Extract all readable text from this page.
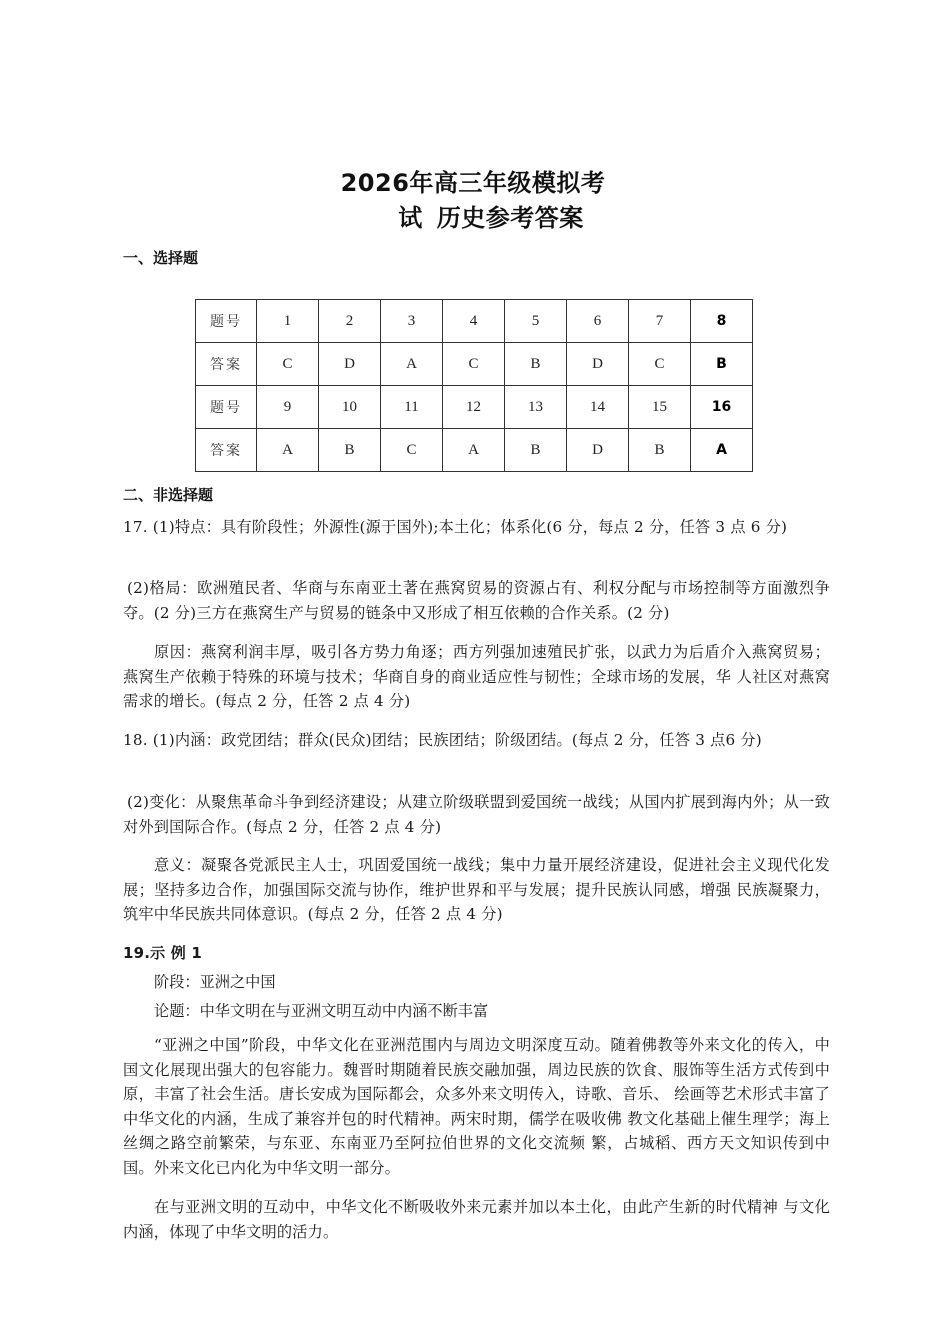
2026年高三年级模拟考
试 历史参考答案
一、选择题
题号	1	2	3	4	5	6	7	8
答案	C	D	A	C	B	D	C	B
题号	9	10	11	12	13	14	15	16
答案	A	B	C	A	B	D	B	A
二、非选择题
17. (1)特点：具有阶段性；外源性(源于国外);本土化；体系化(6 分，每点 2 分，任答 3 点 6 分)
(2)格局：欧洲殖民者、华商与东南亚土著在燕窝贸易的资源占有、利权分配与市场控制等方面激烈争夺。(2 分)三方在燕窝生产与贸易的链条中又形成了相互依赖的合作关系。(2 分)
原因：燕窝利润丰厚，吸引各方势力角逐；西方列强加速殖民扩张，以武力为后盾介入燕窝贸易；燕窝生产依赖于特殊的环境与技术；华商自身的商业适应性与韧性；全球市场的发展，华 人社区对燕窝需求的增长。(每点 2 分，任答 2 点 4 分)
18. (1)内涵：政党团结；群众(民众)团结；民族团结；阶级团结。(每点 2 分，任答 3 点6 分)
(2)变化：从聚焦革命斗争到经济建设；从建立阶级联盟到爱国统一战线；从国内扩展到海内外；从一致对外到国际合作。(每点 2 分，任答 2 点 4 分)
意义：凝聚各党派民主人士，巩固爱国统一战线；集中力量开展经济建设，促进社会主义现代化发展；坚持多边合作，加强国际交流与协作，维护世界和平与发展；提升民族认同感，增强 民族凝聚力，筑牢中华民族共同体意识。(每点 2 分，任答 2 点 4 分)
19.示 例 1
阶段：亚洲之中国
论题：中华文明在与亚洲文明互动中内涵不断丰富
“亚洲之中国”阶段，中华文化在亚洲范围内与周边文明深度互动。随着佛教等外来文化的传入，中国文化展现出强大的包容能力。魏晋时期随着民族交融加强，周边民族的饮食、服饰等生活方式传到中原，丰富了社会生活。唐长安成为国际都会，众多外来文明传入，诗歌、音乐、 绘画等艺术形式丰富了中华文化的内涵，生成了兼容并包的时代精神。两宋时期，儒学在吸收佛 教文化基础上催生理学；海上丝绸之路空前繁荣，与东亚、东南亚乃至阿拉伯世界的文化交流频 繁，占城稻、西方天文知识传到中国。外来文化已内化为中华文明一部分。
在与亚洲文明的互动中，中华文化不断吸收外来元素并加以本土化，由此产生新的时代精神 与文化内涵，体现了中华文明的活力。
